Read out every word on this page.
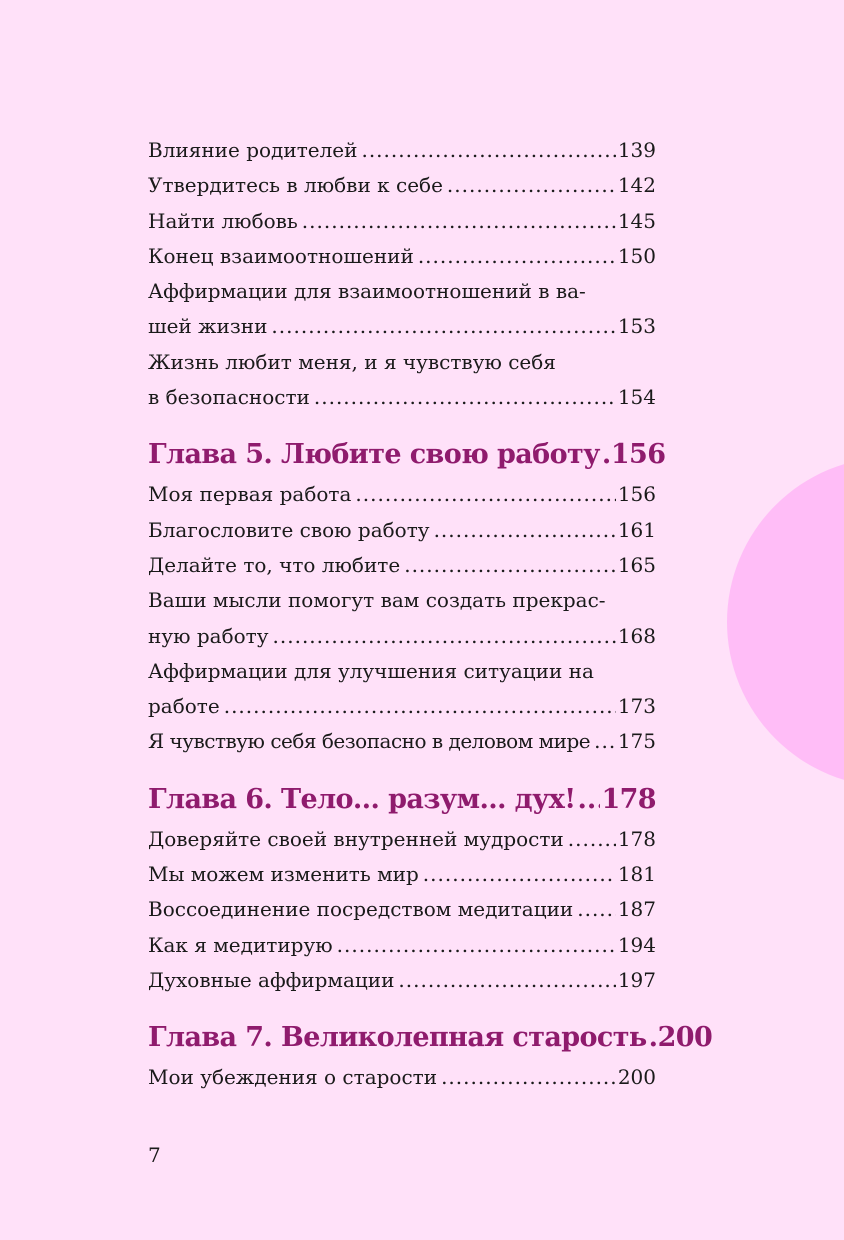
Влияние родителей .....	139
Утвердитесь в любви к себе .....	142
Найти любовь .....	145
Конец взаимоотношений .....	150
Аффирмации для взаимоотношений в ва-
шей жизни .....	153
Жизнь любит меня, и я чувствую себя
в безопасности .....	154
Глава 5. Любите свою работу ..... 156
Моя первая работа .....	156
Благословите свою работу .....	161
Делайте то, что любите .....	165
Ваши мысли помогут вам создать прекрас-
ную работу .....	168
Аффирмации для улучшения ситуации на
работе .....	173
Я чувствую себя безопасно в деловом мире ..... 175
Глава 6. Тело… разум… дух! ..... 178
Доверяйте своей внутренней мудрости .....	178
Мы можем изменить мир .....	181
Воссоединение посредством медитации ..... 187
Как я медитирую .....	194
Духовные аффирмации .....	197
Глава 7. Великолепная старость ..... 200
Мои убеждения о старости .....	200
7
